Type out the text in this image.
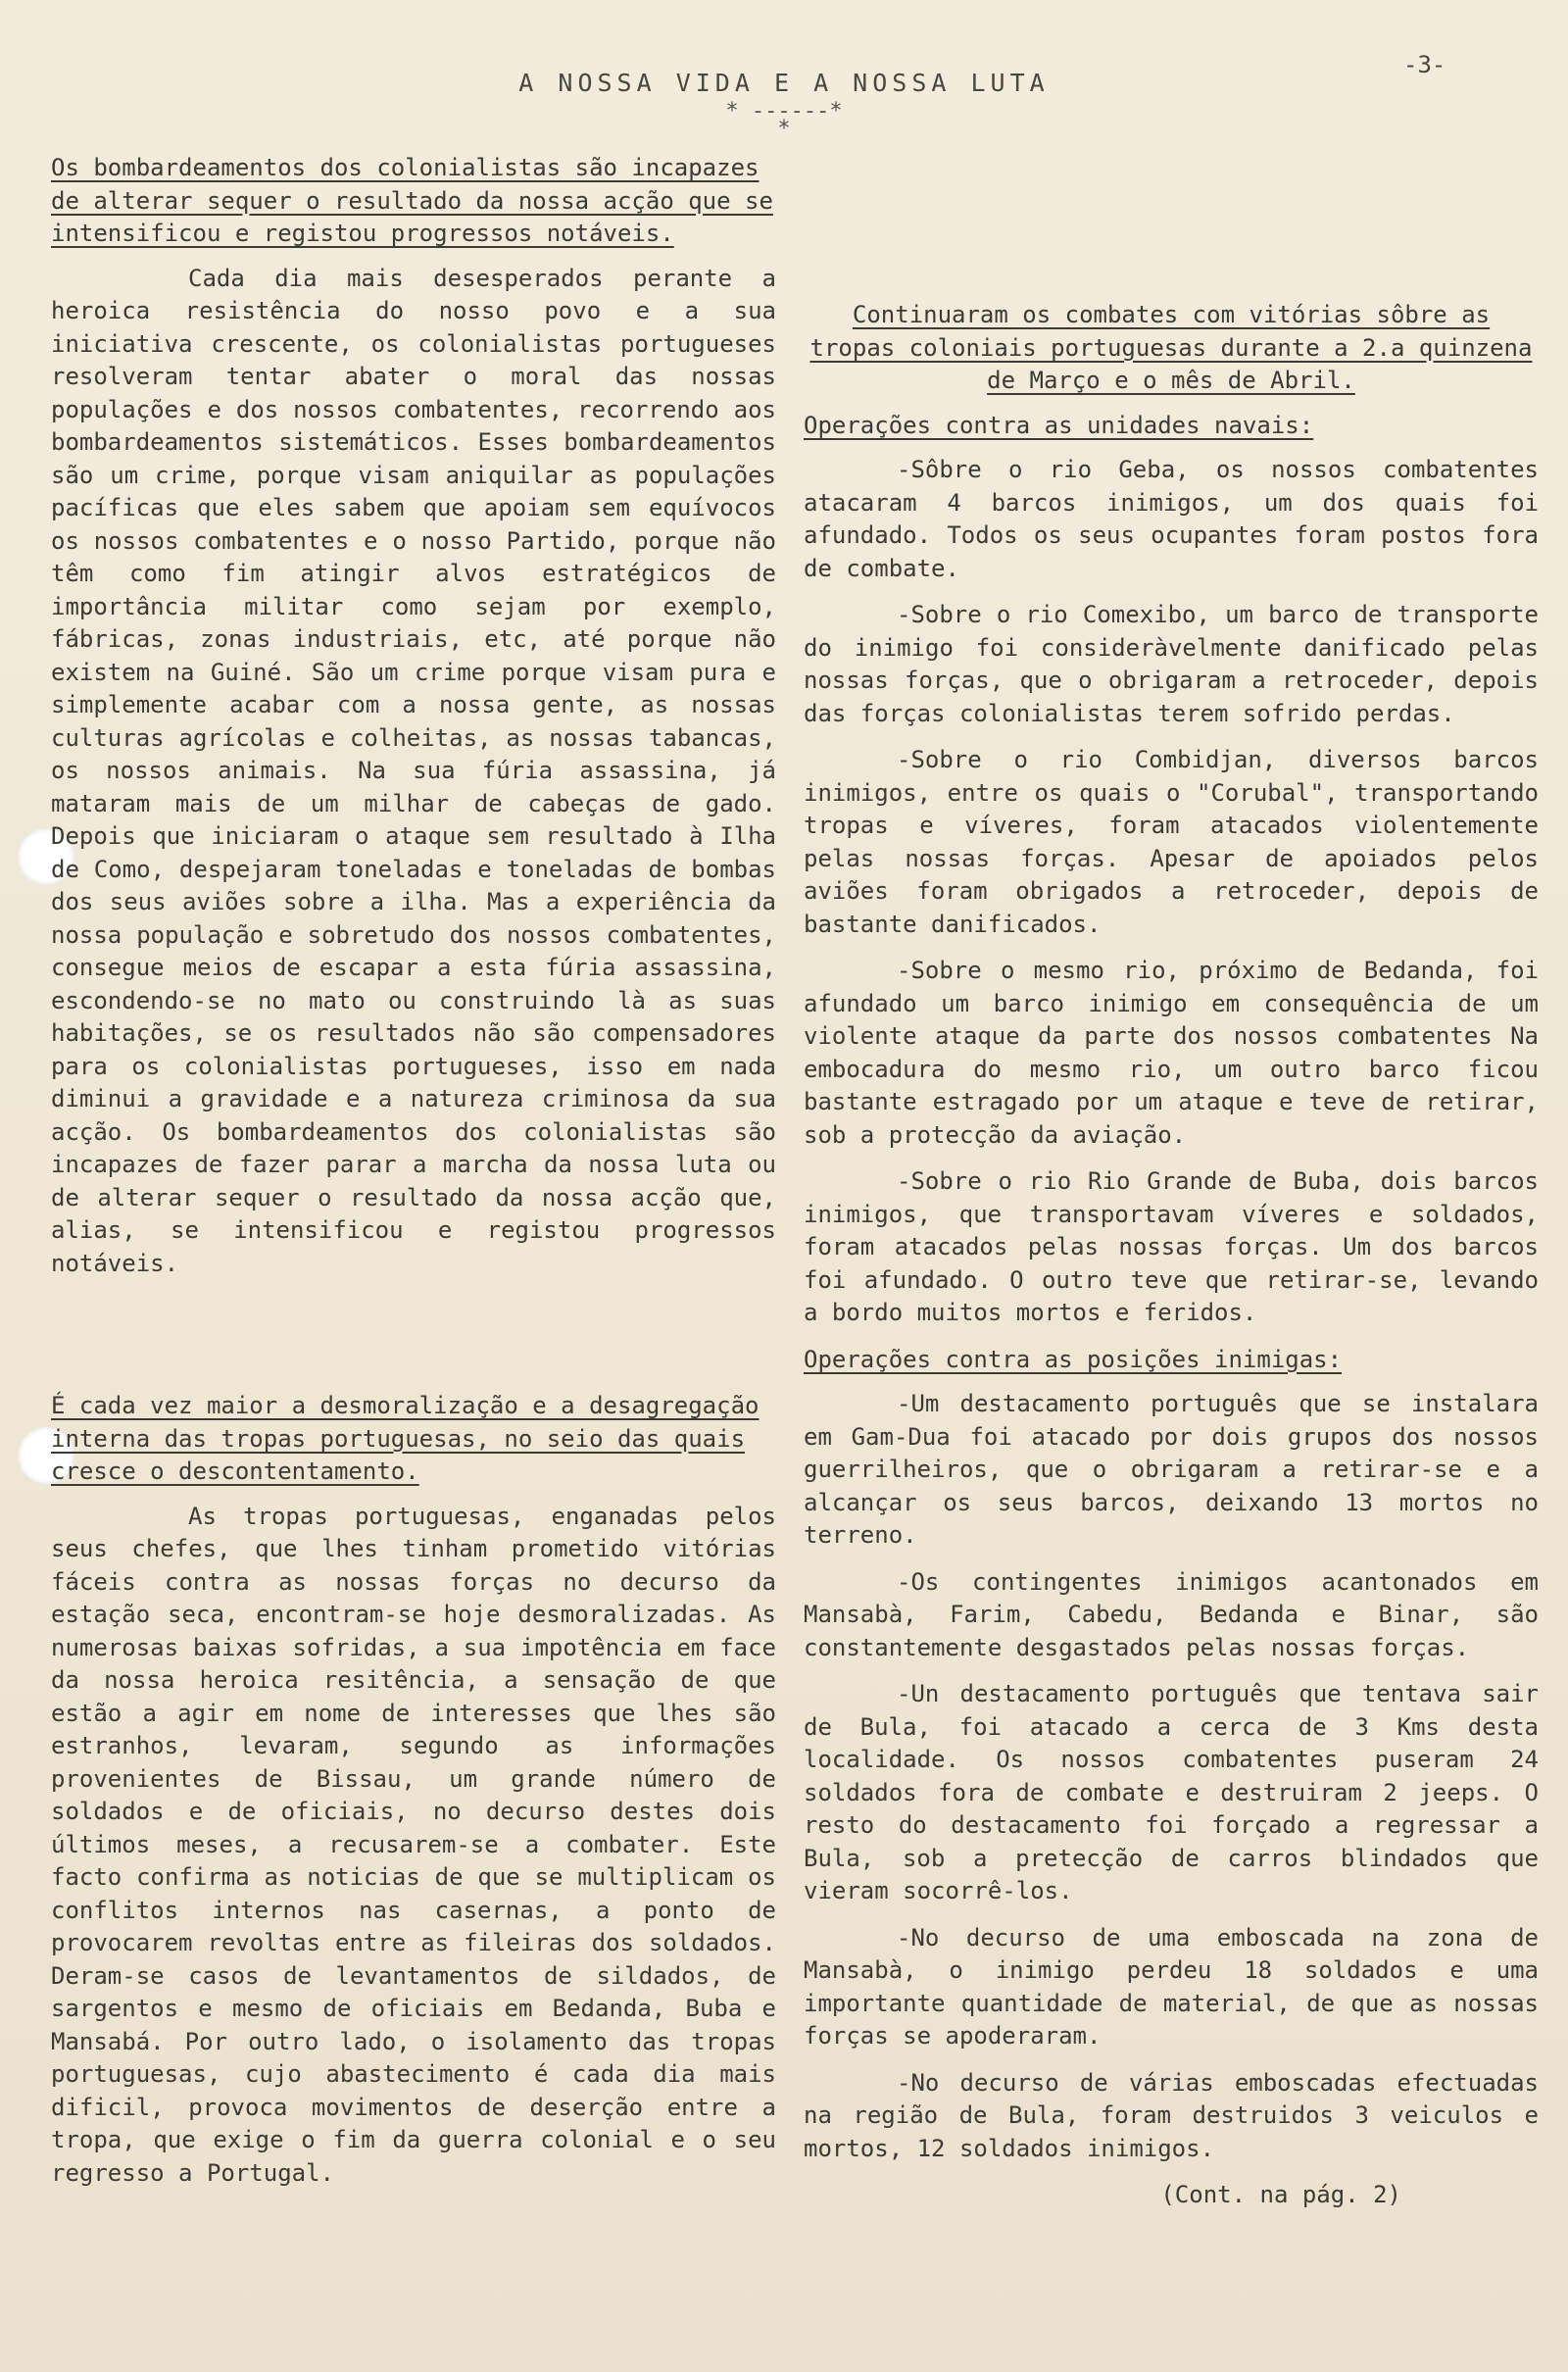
A NOSSA VIDA E A NOSSA LUTA
* ------*
*
-3-

Os bombardeamentos dos colonialistas são incapazes de alterar sequer o resultado da nossa acção que se intensificou e registou progressos notáveis.

Cada dia mais desesperados perante a heroica resistência do nosso povo e a sua iniciativa crescente, os colonialistas portugueses resolveram tentar abater o moral das nossas populações e dos nossos combatentes, recorrendo aos bombardeamentos sistemáticos. Esses bombardeamentos são um crime, porque visam aniquilar as populações pacíficas que eles sabem que apoiam sem equívocos os nossos combatentes e o nosso Partido, porque não têm como fim atingir alvos estratégicos de importância militar como sejam por exemplo, fábricas, zonas industriais, etc, até porque não existem na Guiné. São um crime porque visam pura e simplemente acabar com a nossa gente, as nossas culturas agrícolas e colheitas, as nossas tabancas, os nossos animais. Na sua fúria assassina, já mataram mais de um milhar de cabeças de gado. Depois que iniciaram o ataque sem resultado à Ilha de Como, despejaram toneladas e toneladas de bombas dos seus aviões sobre a ilha. Mas a experiência da nossa população e sobretudo dos nossos combatentes, consegue meios de escapar a esta fúria assassina, escondendo-se no mato ou construindo là as suas habitações, se os resultados não são compensadores para os colonialistas portugueses, isso em nada diminui a gravidade e a natureza criminosa da sua acção. Os bombardeamentos dos colonialistas são incapazes de fazer parar a marcha da nossa luta ou de alterar sequer o resultado da nossa acção que, alias, se intensificou e registou progressos notáveis.

É cada vez maior a desmoralização e a desagregação interna das tropas portuguesas, no seio das quais cresce o descontentamento.

As tropas portuguesas, enganadas pelos seus chefes, que lhes tinham prometido vitórias fáceis contra as nossas forças no decurso da estação seca, encontram-se hoje desmoralizadas. As numerosas baixas sofridas, a sua impotência em face da nossa heroica resitência, a sensação de que estão a agir em nome de interesses que lhes são estranhos, levaram, segundo as informações provenientes de Bissau, um grande número de soldados e de oficiais, no decurso destes dois últimos meses, a recusarem-se a combater. Este facto confirma as noticias de que se multiplicam os conflitos internos nas casernas, a ponto de provocarem revoltas entre as fileiras dos soldados. Deram-se casos de levantamentos de sildados, de sargentos e mesmo de oficiais em Bedanda, Buba e Mansabá. Por outro lado, o isolamento das tropas portuguesas, cujo abastecimento é cada dia mais dificil, provoca movimentos de deserção entre a tropa, que exige o fim da guerra colonial e o seu regresso a Portugal.

Continuaram os combates com vitórias sôbre as tropas coloniais portuguesas durante a 2.a quinzena de Março e o mês de Abril.

Operações contra as unidades navais:

-Sôbre o rio Geba, os nossos combatentes atacaram 4 barcos inimigos, um dos quais foi afundado. Todos os seus ocupantes foram postos fora de combate.

-Sobre o rio Comexibo, um barco de transporte do inimigo foi consideràvelmente danificado pelas nossas forças, que o obrigaram a retroceder, depois das forças colonialistas terem sofrido perdas.

-Sobre o rio Combidjan, diversos barcos inimigos, entre os quais o "Corubal", transportando tropas e víveres, foram atacados violentemente pelas nossas forças. Apesar de apoiados pelos aviões foram obrigados a retroceder, depois de bastante danificados.

-Sobre o mesmo rio, próximo de Bedanda, foi afundado um barco inimigo em consequência de um violente ataque da parte dos nossos combatentes Na embocadura do mesmo rio, um outro barco ficou bastante estragado por um ataque e teve de retirar, sob a protecção da aviação.

-Sobre o rio Rio Grande de Buba, dois barcos inimigos, que transportavam víveres e soldados, foram atacados pelas nossas forças. Um dos barcos foi afundado. O outro teve que retirar-se, levando a bordo muitos mortos e feridos.

Operações contra as posições inimigas:

-Um destacamento português que se instalara em Gam-Dua foi atacado por dois grupos dos nossos guerrilheiros, que o obrigaram a retirar-se e a alcançar os seus barcos, deixando 13 mortos no terreno.

-Os contingentes inimigos acantonados em Mansabà, Farim, Cabedu, Bedanda e Binar, são constantemente desgastados pelas nossas forças.

-Un destacamento português que tentava sair de Bula, foi atacado a cerca de 3 Kms desta localidade. Os nossos combatentes puseram 24 soldados fora de combate e destruiram 2 jeeps. O resto do destacamento foi forçado a regressar a Bula, sob a pretecção de carros blindados que vieram socorrê-los.

-No decurso de uma emboscada na zona de Mansabà, o inimigo perdeu 18 soldados e uma importante quantidade de material, de que as nossas forças se apoderaram.

-No decurso de várias emboscadas efectuadas na região de Bula, foram destruidos 3 veiculos e mortos, 12 soldados inimigos.

(Cont. na pág. 2)
